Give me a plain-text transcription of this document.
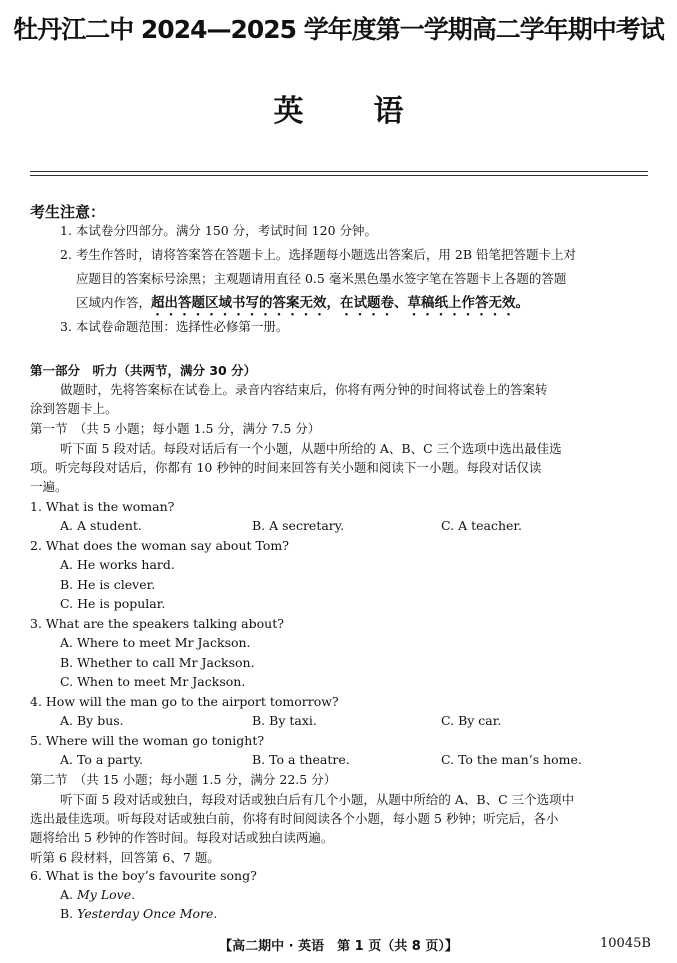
牡丹江二中 2024—2025 学年度第一学期高二学年期中考试
英语
考生注意：
1. 本试卷分四部分。满分 150 分，考试时间 120 分钟。
2. 考生作答时，请将答案答在答题卡上。选择题每小题选出答案后，用 2B 铅笔把答题卡上对
应题目的答案标号涂黑；主观题请用直径 0.5 毫米黑色墨水签字笔在答题卡上各题的答题
区域内作答，超出答题区域书写的答案无效，在试题卷、草稿纸上作答无效。
3. 本试卷命题范围：选择性必修第一册。
第一部分　听力（共两节，满分 30 分）
做题时，先将答案标在试卷上。录音内容结束后，你将有两分钟的时间将试卷上的答案转
涂到答题卡上。
第一节　（共 5 小题；每小题 1.5 分，满分 7.5 分）
听下面 5 段对话。每段对话后有一个小题，从题中所给的 A、B、C 三个选项中选出最佳选
项。听完每段对话后，你都有 10 秒钟的时间来回答有关小题和阅读下一小题。每段对话仅读
一遍。
1. What is the woman?
A. A student.	B. A secretary.	C. A teacher.
2. What does the woman say about Tom?
A. He works hard.
B. He is clever.
C. He is popular.
3. What are the speakers talking about?
A. Where to meet Mr Jackson.
B. Whether to call Mr Jackson.
C. When to meet Mr Jackson.
4. How will the man go to the airport tomorrow?
A. By bus.	B. By taxi.	C. By car.
5. Where will the woman go tonight?
A. To a party.	B. To a theatre.	C. To the man’s home.
第二节　（共 15 小题；每小题 1.5 分，满分 22.5 分）
听下面 5 段对话或独白，每段对话或独白后有几个小题，从题中所给的 A、B、C 三个选项中
选出最佳选项。听每段对话或独白前，你将有时间阅读各个小题，每小题 5 秒钟；听完后，各小
题将给出 5 秒钟的作答时间。每段对话或独白读两遍。
听第 6 段材料，回答第 6、7 题。
6. What is the boy’s favourite song?
A. My Love.
B. Yesterday Once More.
【高二期中 · 英语　第 1 页（共 8 页）】	10045B
